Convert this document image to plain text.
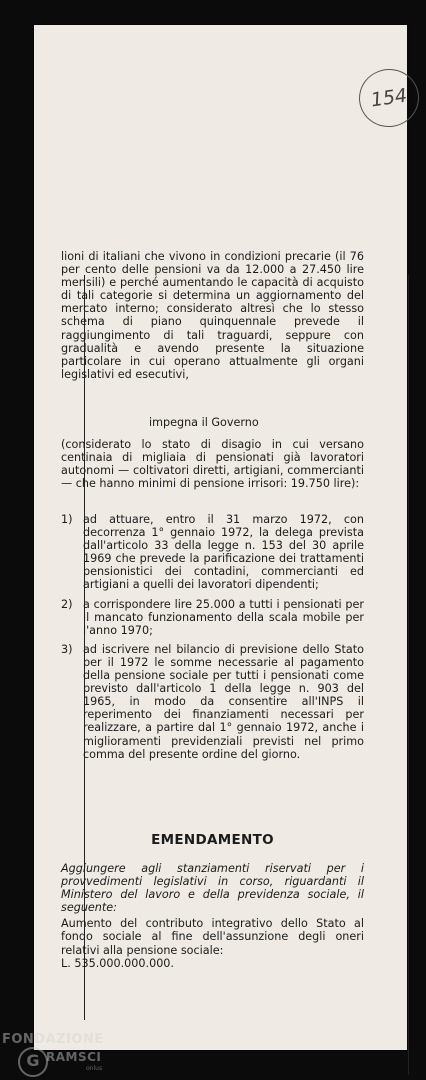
154

lioni di italiani che vivono in condizioni precarie (il 76 per cento delle pensioni va da 12.000 a 27.450 lire mensili) e perché aumentando le capacità di acquisto di tali categorie si determina un aggiornamento del mercato interno; considerato altresì che lo stesso schema di piano quinquennale prevede il raggiungimento di tali traguardi, seppure con gradualità e avendo presente la situazione particolare in cui operano attualmente gli organi legislativi ed esecutivi,

impegna il Governo

(considerato lo stato di disagio in cui versano centinaia di migliaia di pensionati già lavoratori autonomi — coltivatori diretti, artigiani, commercianti — che hanno minimi di pensione irrisori: 19.750 lire):

1) ad attuare, entro il 31 marzo 1972, con decorrenza 1° gennaio 1972, la delega prevista dall'articolo 33 della legge n. 153 del 30 aprile 1969 che prevede la parificazione dei trattamenti pensionistici dei contadini, commercianti ed artigiani a quelli dei lavoratori dipendenti;
2) a corrispondere lire 25.000 a tutti i pensionati per il mancato funzionamento della scala mobile per l'anno 1970;
3) ad iscrivere nel bilancio di previsione dello Stato per il 1972 le somme necessarie al pagamento della pensione sociale per tutti i pensionati come previsto dall'articolo 1 della legge n. 903 del 1965, in modo da consentire all'INPS il reperimento dei finanziamenti necessari per realizzare, a partire dal 1° gennaio 1972, anche i miglioramenti previdenziali previsti nel primo comma del presente ordine del giorno.
EMENDAMENTO

Aggiungere agli stanziamenti riservati per i provvedimenti legislativi in corso, riguardanti il Ministero del lavoro e della previdenza sociale, il seguente:

Aumento del contributo integrativo dello Stato al fondo sociale al fine dell'assunzione degli oneri relativi alla pensione sociale:

L. 535.000.000.000.

FONDAZIONE
G RAMSCI
onlus
